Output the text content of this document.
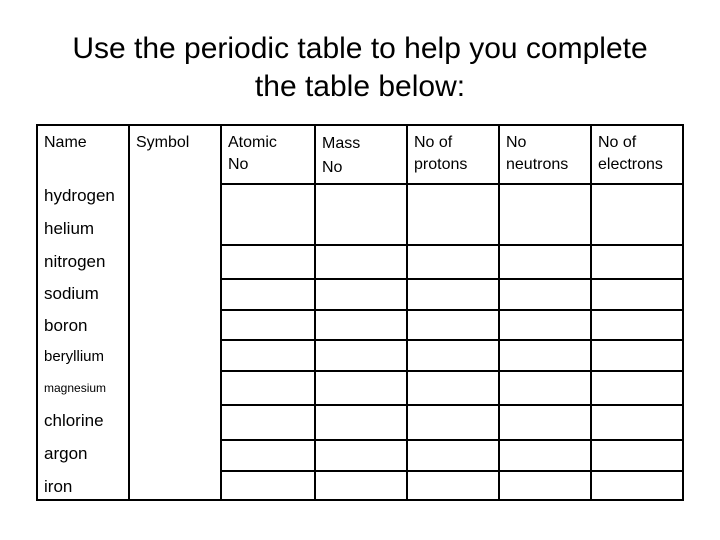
Use the periodic table to help you complete
the table below:
Name	Symbol Atomic
No
Mass
No
No of
protons
No
neutrons
No of
electrons
hydrogen
helium
nitrogen
sodium
boron
beryllium
magnesium
chlorine
argon
iron
